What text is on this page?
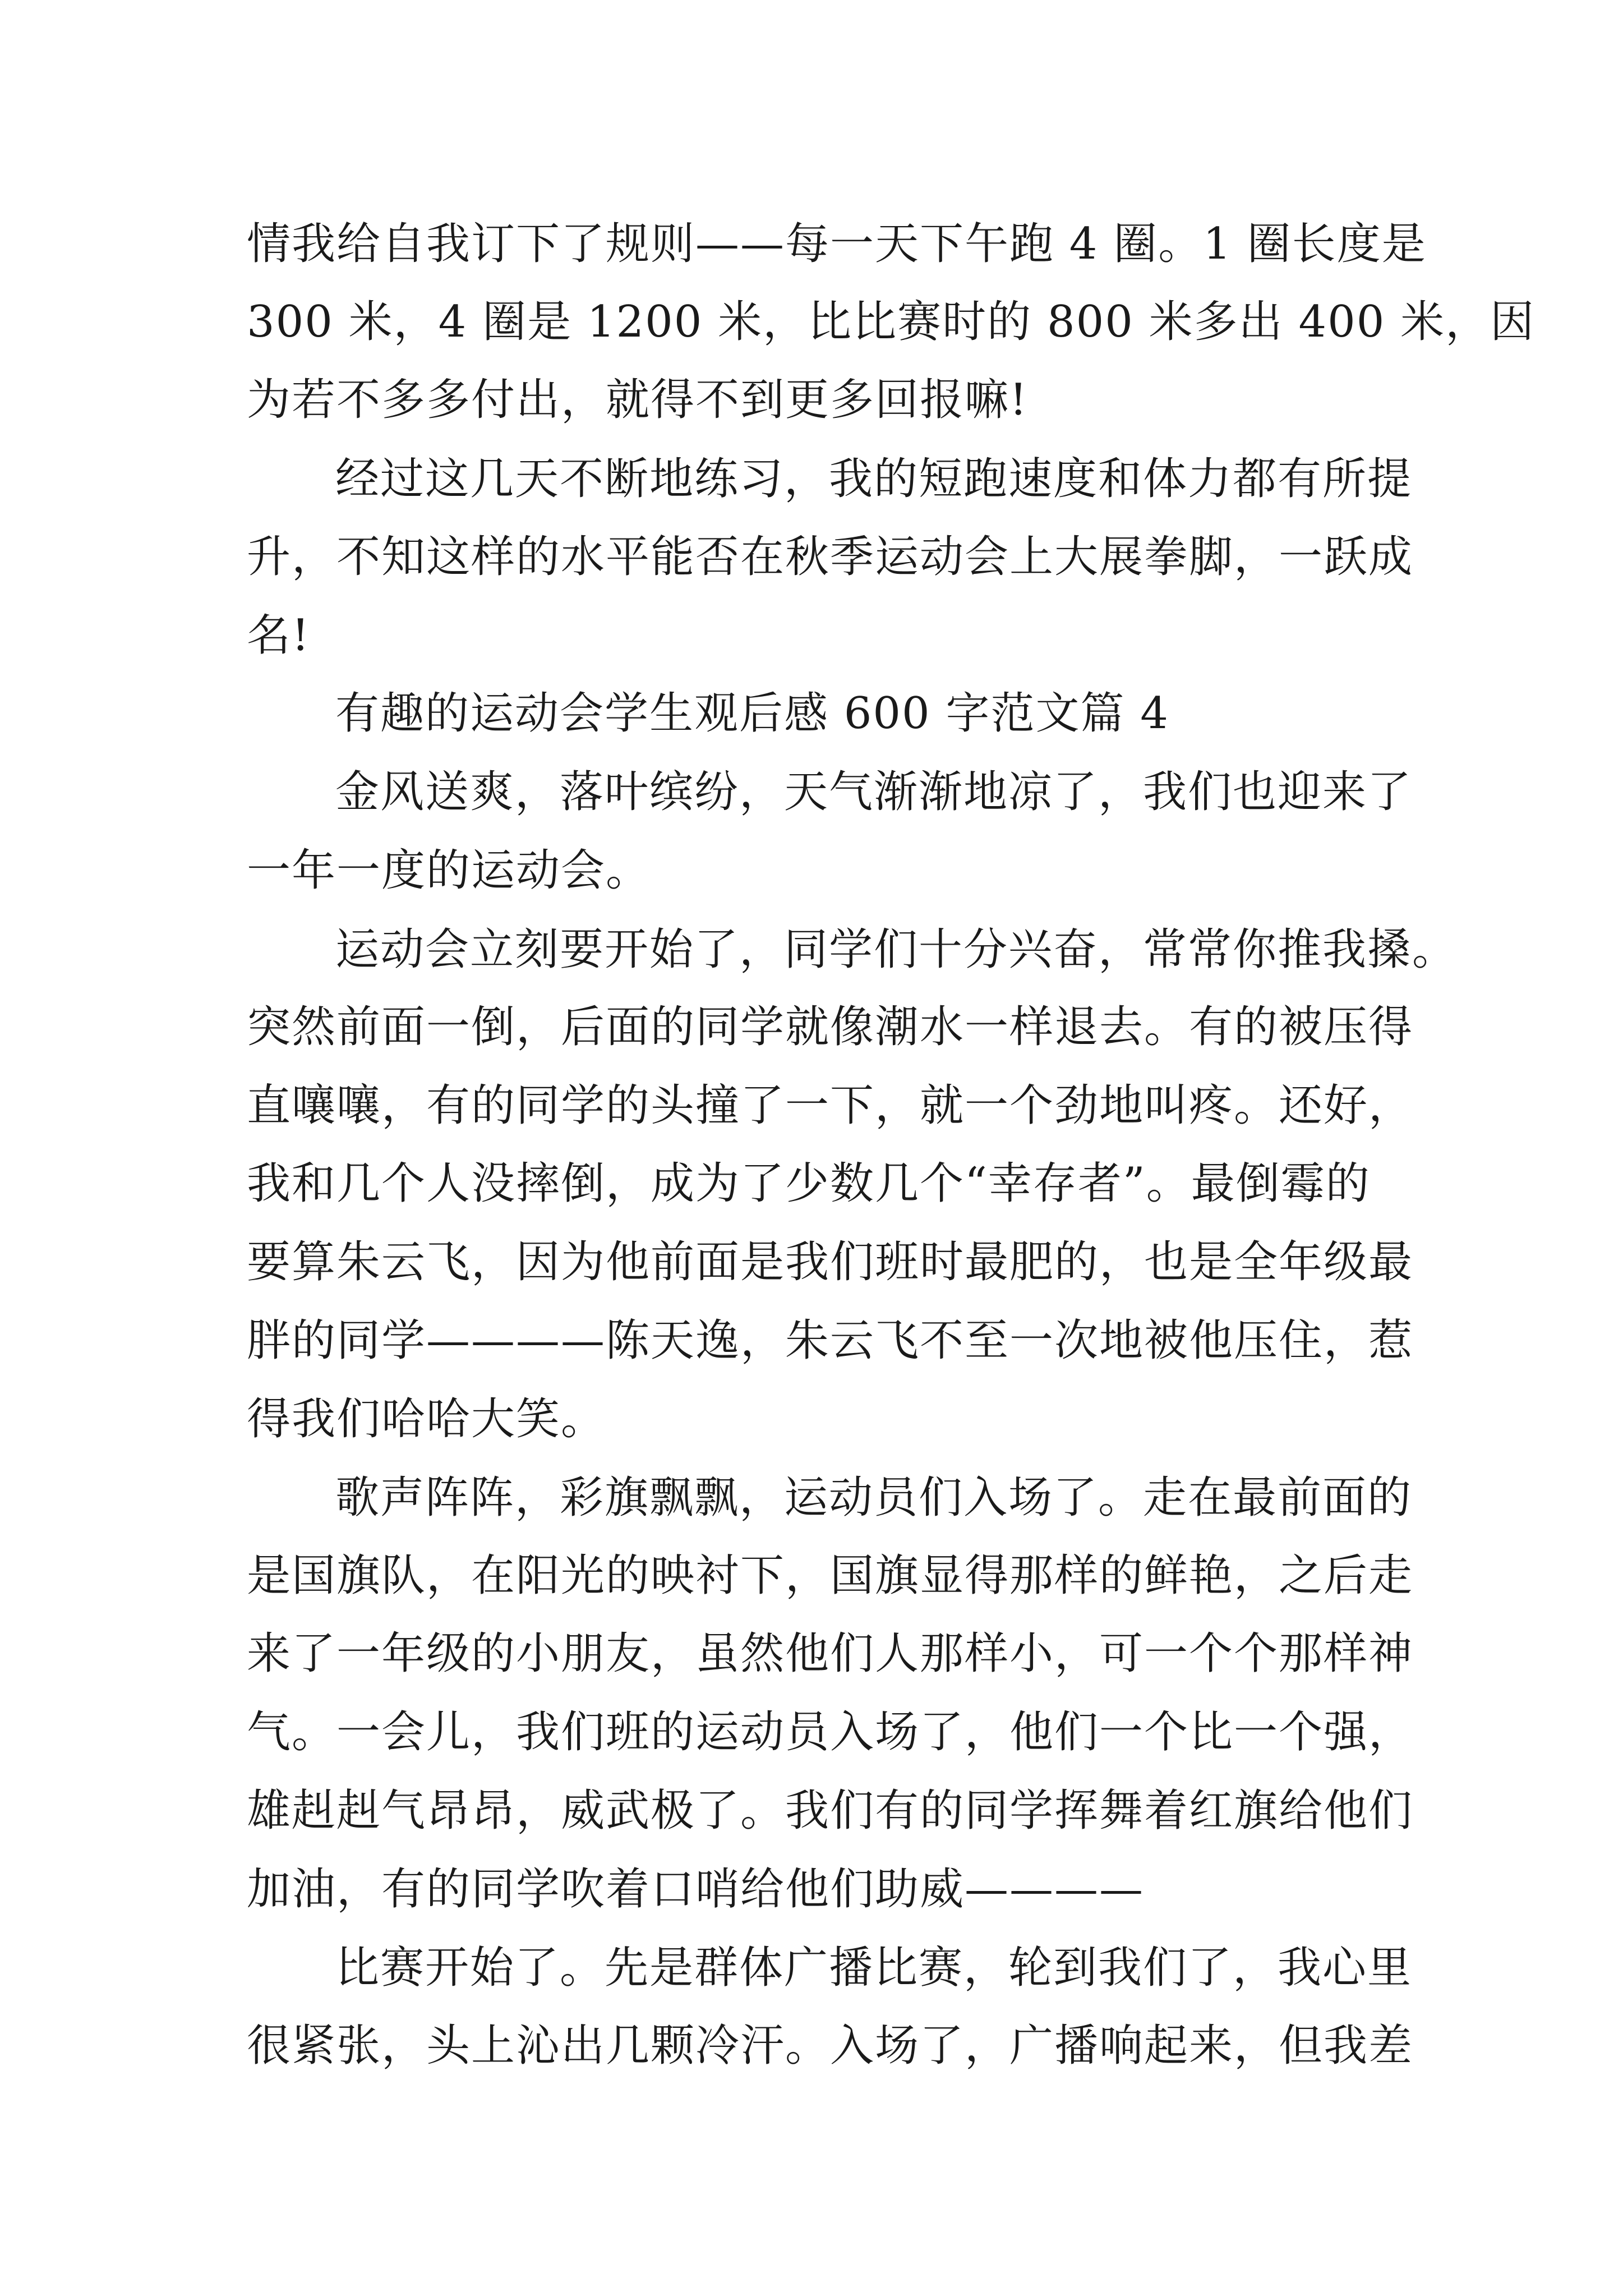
情我给自我订下了规则——每一天下午跑 4 圈。1 圈长度是
300 米，4 圈是 1200 米，比比赛时的 800 米多出 400 米，因
为若不多多付出，就得不到更多回报嘛!
经过这几天不断地练习，我的短跑速度和体力都有所提
升，不知这样的水平能否在秋季运动会上大展拳脚，一跃成
名!
有趣的运动会学生观后感 600 字范文篇 4
金风送爽，落叶缤纷，天气渐渐地凉了，我们也迎来了
一年一度的运动会。
运动会立刻要开始了，同学们十分兴奋，常常你推我搡。
突然前面一倒，后面的同学就像潮水一样退去。有的被压得
直嚷嚷，有的同学的头撞了一下，就一个劲地叫疼。还好，
我和几个人没摔倒，成为了少数几个“幸存者”。最倒霉的
要算朱云飞，因为他前面是我们班时最肥的，也是全年级最
胖的同学————陈天逸，朱云飞不至一次地被他压住，惹
得我们哈哈大笑。
歌声阵阵，彩旗飘飘，运动员们入场了。走在最前面的
是国旗队，在阳光的映衬下，国旗显得那样的鲜艳，之后走
来了一年级的小朋友，虽然他们人那样小，可一个个那样神
气。一会儿，我们班的运动员入场了，他们一个比一个强，
雄赳赳气昂昂，威武极了。我们有的同学挥舞着红旗给他们
加油，有的同学吹着口哨给他们助威————
比赛开始了。先是群体广播比赛，轮到我们了，我心里
很紧张，头上沁出几颗冷汗。入场了，广播响起来，但我差
